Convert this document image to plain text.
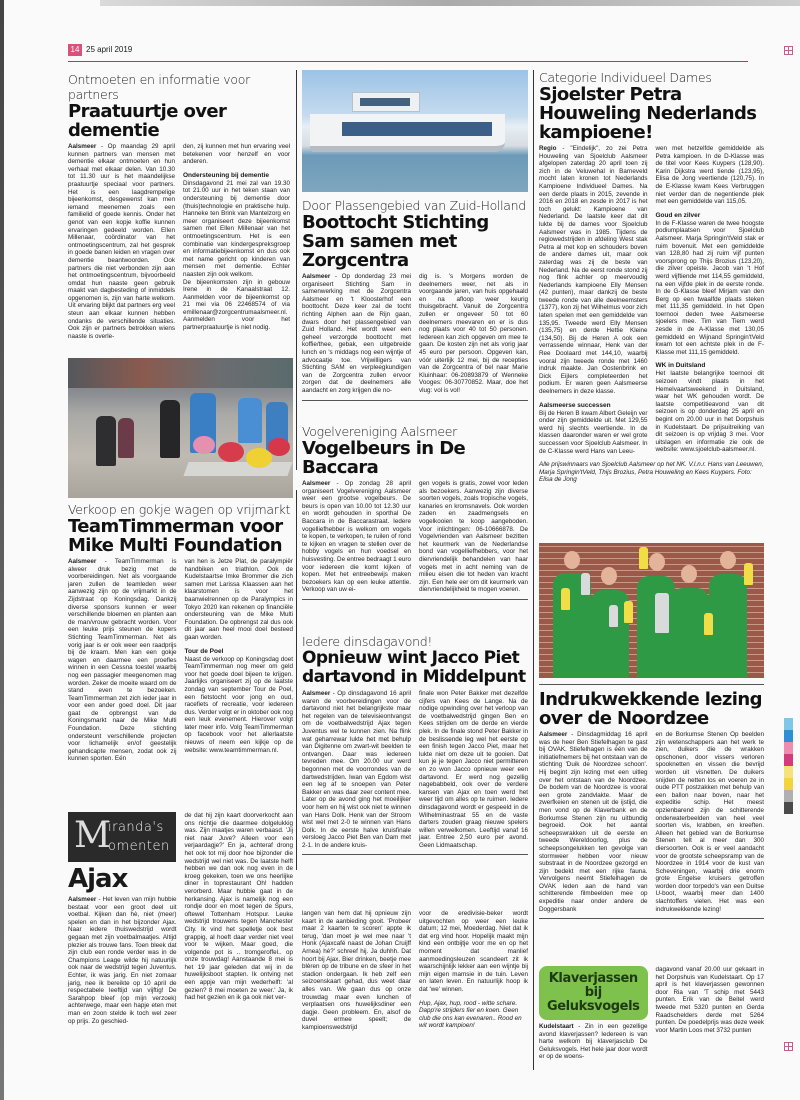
14 25 april 2019
Ontmoeten en informatie voor partners
Praatuurtje over dementie
Aalsmeer - Op maandag 29 april kunnen partners van mensen met dementie elkaar ontmoeten en hun verhaal met elkaar delen. Van 10.30 tot 11.30 uur is het maandelijkse praatuurtje speciaal voor partners. Het is een laagdrempelige bijeenkomst, desgewenst kan men iemand meenemen zoals een familielid of goede kennis. Onder het genot van een kopje koffie kunnen ervaringen gedeeld worden. Ellen Millenaar, coördinator van het ontmoetingscentrum, zal het gesprek in goede banen leiden en vragen over dementie beantwoorden. Ook partners die niet verbonden zijn aan het ontmoetingscentrum, bijvoorbeeld omdat hun naaste geen gebruik maakt van dagbesteding of inmiddels opgenomen is, zijn van harte welkom. Uit ervaring blijkt dat partners erg veel steun aan elkaar kunnen hebben ondanks de verschillende situaties. Ook zijn er partners betrokken wiens naaste is overle-
den, zij kunnen met hun ervaring veel betekenen voor henzelf en voor anderen.
Ondersteuning bij dementie
Dinsdagavond 21 mei zal van 19.30 tot 21.00 uur in het teken staan van ondersteuning bij dementie door (thuis)technologie en praktische hulp. Hanneke ten Brink van Mantelzorg en meer organiseert deze bijeenkomst samen met Ellen Millenaar van het ontmoetingscentrum. Het is een combinatie van kindergespreksgroep en informatiebijeenkomst en dus ook met name gericht op kinderen van mensen met dementie. Echter naasten zijn ook welkom.
De bijeenkomsten zijn in gebouw Irene in de Kanaalstraat 12. Aanmelden voor de bijeenkomst op 21 mei via 06 22468574 of via emillenaar@zorgcentrumaalsmeer.nl. Aanmelden voor het partnerpraatuurtje is niet nodig.
Verkoop en gokje wagen op vrijmarkt
TeamTimmerman voor Mike Multi Foundation
Aalsmeer - TeamTimmerman is alweer druk bezig met de voorbereidingen. Net als voorgaande jaren zullen de teamleden weer aanwezig zijn op de vrijmarkt in de Zijdstraat op Koningsdag. Dankzij diverse sponsors kunnen er weer verschillende bloemen en planten aan de man/vrouw gebracht worden. Voor een leuke prijs steunen de kopers Stichting TeamTimmerman. Net als vorig jaar is er ook weer een raadprijs bij de kraam. Men kan een gokje wagen en daarmee een proefles winnen in een Cessna toestel waarbij nog een passagier meegenomen mag worden. Zeker de moeite waard om de stand even te bezoeken. TeamTimmerman zet zich ieder jaar in voor een ander goed doel. Dit jaar gaat de opbrengst van de Koningsmarkt naar de Mike Multi Foundation. Deze stichting ondersteunt verschillende projecten voor lichamelijk en/of geestelijk gehandicapte mensen, zodat ook zij kunnen sporten. Eén
van hen is Jetze Plat, de paralympiër handbiken en triathlon. Ook de Kudelstaartse Imke Brommer die zich samen met Larissa Klaassen aan het klaarstomen is voor het baanwielrennen op de Paralympics in Tokyo 2020 kan rekenen op financiële ondersteuning van de Mike Multi Foundation. De opbrengst zal dus ook dit jaar aan heel mooi doel besteed gaan worden.
Tour de Poel
Naast de verkoop op Koningsdag doet TeamTimmerman nog meer om geld voor het goede doel bijeen te krijgen. Jaarlijks organiseert zij op de laatste zondag van september Tour de Poel, een fietstocht voor jong en oud, racefiets of recreatie, voor iedereen dus. Verder volgt er in oktober ook nog een leuk evenement. Hierover volgt later meer info. Volg TeamTimmerman op facebook voor het allerlaatste nieuws of neem een kijkje op de website: www.teamtimmerman.nl.
M
iranda's
omenten
Ajax
Aalsmeer - Het leven van mijn hubbie bestaat voor een groot deel uit voetbal. Kijken dan hè, niet (meer) spelen en dan in het bijzonder Ajax. Naar iedere thuiswedstrijd wordt gegaan met zijn voetbalmaatjes. Altijd plezier als trouwe fans. Toen bleek dat zijn club een ronde verder was in de Champions Leage wilde hij natuurlijk ook naar de wedstrijd tegen Juventus. Echter, ik was jarig. En niet zomaar jarig, nee ik bereikte op 10 april de respectabele leeftijd van vijftig! De Sarahpop bleef (op mijn verzoek) achterwege, maar een hapje eten met man en zoon stelde ik toch wel zeer op prijs. Zo geschied-
de dat hij zijn kaart doorverkocht aan ons nichtje die daarmee dolgelukkig was. Zijn maatjes waren verbaasd. 'Jij niet naar Juve? Alleen voor een verjaardagje?' En ja, achteraf drong het ook tot mij door hoe bijzonder die wedstrijd wel niet was. De laatste helft hebben we dan ook nog even in de kroeg gekeken, toen we ons heerlijke diner in toprestaurant Oh! hadden verorberd. Maar hubbie gaat in de herkansing. Ajax is namelijk nog een rondje door en moet tegen de Spurs, oftewel Tottenham Hotspur. Leuke wedstrijd trouwens tegen Manchester City. Ik vind het spelletje ook best grappig, al hoeft daar verder niet veel voor te wijken. Maar goed, die volgende pot is .. tromgeroffel.. op onze trouwdag! Aanstaande 8 mei is het 19 jaar geleden dat wij in de huwelijksboot stapten. Ik ontving net een appje van mijn wederhelft: 'al gezien? 8 mei moeten ze weer.' Ja, ik had het gezien en ik ga ook niet ver-
Door Plassengebied van Zuid-Holland
Boottocht Stichting Sam samen met Zorgcentra
Aalsmeer - Op donderdag 23 mei organiseert Stichting Sam in samenwerking met de Zorgcentra Aalsmeer en 't Kloosterhof een boottocht. Deze keer zal de tocht richting Alphen aan de Rijn gaan, dwars door het plassengebied van Zuid Holland. Het wordt weer een geheel verzorgde boottocht met koffie/thee, gebak, een uitgebreide lunch en 's middags nog een wijntje of advocaatje toe. Vrijwilligers van Stichting SAM en verpleegkundigen van de Zorgcentra zullen ervoor zorgen dat de deelnemers alle aandacht en zorg krijgen die no-
dig is. 's Morgens worden de deelnemers weer, net als in voorgaande jaren, van huis opgehaald en na afloop weer keurig thuisgebracht. Vanuit de Zorgcentra zullen er ongeveer 50 tot 60 deelnemers meevaren en er is dus nog plaats voor 40 tot 50 personen. Iedereen kan zich opgeven om mee te gaan. De kosten zijn net als vorig jaar 45 euro per persoon. Opgeven kan, vóór uiterlijk 12 mei, bij de recepties van de Zorgcentra of bel naar Marie Kluinhaar: 06-20893879 of Wenneke Vooges: 06-30770852. Maar, doe het vlug: vol is vol!
Vogelvereniging Aalsmeer
Vogelbeurs in De Baccara
Aalsmeer - Op zondag 28 april organiseert Vogelvereniging Aalsmeer weer een grootse vogelbeurs. De beurs is open van 10.00 tot 12.30 uur en wordt gehouden in sporthal De Baccara in de Baccarastraat. Iedere vogelliefhebber is welkom om vogels te kopen, te verkopen, te ruilen of rond te kijken en vragen te stellen over de hobby vogels en hun voedsel en huisvesting. De entree bedraagt 1 euro voor iedereen die komt kijken of kopen. Met het entreebewijs maken bezoekers kan op een leuke attentie. Verkoop van uw ei-
gen vogels is gratis, zowel voor leden als bezoekers. Aanwezig zijn diverse soorten vogels, zoals tropische vogels, kanaries en kromsnavels. Ook worden zaden en zaadmengsels en vogelkooien te koop aangeboden. Voor inlichtingen: 06-10666878. De Vogelvrienden van Aalsmeer bezitten het keurmerk van de Nederlandse bond van vogelliefhebbers, voor het diervriendelijk behandelen van haar vogels met in acht neming van de milieu eisen die tot heden van kracht zijn. Een hele eer om dit keurmerk van diervriendelijkheid te mogen voeren.
Iedere dinsdagavond!
Opnieuw wint Jacco Piet dartavond in Middelpunt
Aalsmeer - Op dinsdagavond 16 april waren de voorbereidingen voor de dartavond niet het belangrijkste maar het regelen van de televisieontvangst om de voetbalwedstrijd Ajax tegen Juventus wel te kunnen zien. Na flink wat geharrewar lukte het met behulp van Digitenne om zwart-wit beelden te ontvangen. Daar was iedereen tevreden mee. Om 20.00 uur werd begonnen met de voorrondes van de dartwedstrijden. Iwan van Egdom wist een leg af te snoepen van Peter Bakker en was daar zeer content mee. Later op de avond ging het moeilijker voor hem en hij wist ook niet te winnen van Hans Dolk. Henk van der Stroom wist wel met 2-0 te winnen van Hans Dolk. In de eerste halve kruisfinale versloeg Jacco Piet Ben van Dam met 2-1. In de andere kruis-
finale won Peter Bakker met dezelfde cijfers van Kees de Lange. Na de nodige opwinding over het verloop van de voetbalwedstrijd gingen Ben en Kees strijden om de derde en vierde plek. In de finale stond Peter Bakker in de beslissende leg wel het eerste op een finish tegen Jacco Piet, maar het lukte niet om deze uit te gooien. Dat kun je je tegen Jacco niet permitteren en zo won Jacco opnieuw weer een dartavond. Er werd nog gezellig nagebabbeld, ook over de verdere kansen van Ajax en toen werd het weer tijd om alles op te ruimen. Iedere dinsdagavond wordt er gespeeld in de Wilhelminastraat 55 en de vaste darters zouden graag nieuwe spelers willen verwelkomen. Leeftijd vanaf 16 jaar. Entree 2,50 euro per avond. Geen Lidmaatschap.
langen van hem dat hij opnieuw zijn kaart in de aanbieding gooit. 'Probeer maar 2 kaarten te scoren' appte ik terug, 'dan moet je wel mee naar 't Honk (Ajaxcafé naast de Johan Cruijff Arnea) hè?' schreef hij. Ja duhhh. Dat hoort bij Ajax. Bier drinken, beetje mee blèren op de tribune en de sfeer in het stadion ondergaan. Ik heb zelf een seizoenskaart gehad, dus weet daar alles van. We gaan dus op onze trouwdag maar even lunchen of verplaatsen ons huwelijksdiner een dagje. Geen probleem. En, alsof de duvel ermee speelt; de kampioenswedstrijd
voor de eredivisie-beker wordt uitgevochten op weer een leuke datum; 12 mei, Moederdag. Niet dat ik dat erg vind hoor. Hopelijk maakt mijn kind een ontbijtje voor me en op het moment dat manlief aanmoedingsleuzen scandeert zit ik waarschijnlijk lekker aan een wijntje bij mijn eigen mamsie in de tuin. Leven en laten leven. En natuurlijk hoop ik dat 'we' winnen.
Hup, Ajax, hup, rood - witte schare. Dapp're strijders fier en koen. Geen club die ons kan evenaren.. Rood en wit wordt kampioen!
Categorie Individueel Dames
Sjoelster Petra Houweling Nederlands kampioene!
Regio - "Eindelijk", zo zei Petra Houweling van Sjoelclub Aalsmeer afgelopen zaterdag 20 april toen zij zich in de Veluwehal in Barneveld mocht laten kronen tot Nederlands Kampioene Individueel Dames. Na een derde plaats in 2015, zevende in 2016 en 2018 en zesde in 2017 is het toch gelukt: Kampioene van Nederland. De laatste keer dat dit lukte bij de dames voor Sjoelclub Aalsmeer was in 1985. Tijdens de regiowedstrijden in afdeling West stak Petra al met kop en schouders boven de andere dames uit, maar ook zaterdag was zij de beste van Nederland. Na de eerst ronde stond zij nog flink achter op meervoudig Nederlands kampioene Elly Mensen (42 punten), maar dankzij de beste tweede ronde van alle deelneemsters (1377), kon zij het Wilhelmus voor zich laten spelen met een gemiddelde van 135,95. Tweede werd Elly Mensen (135,75) en derde Hettie Kleine (134,50). Bij de Heren A ook een verrassende winnaar, Henk van der Ree Doolaard met 144,10, waarbij vooral zijn tweede ronde met 1460 indruk maakte. Jan Oostenbrink en Dick Eijlers completeerden het podium. Er waren geen Aalsmeerse deelnemers in deze klasse.
Aalsmeerse successen
Bij de Heren B kwam Albert Geleijn ver onder zijn gemiddelde uit. Met 129,55 werd hij slechts veertiende. In de klassen daaronder waren er wel grote successen voor Sjoelclub Aalsmeer. In de C-Klasse werd Hans van Leeu-
wen met hetzelfde gemiddelde als Petra kampioen. In de D-Klasse was de titel voor Kees Kuypers (128,90). Karin Dijkstra werd tiende (123,95), Elisa de Jong veertiende (120,75). In de E-Klasse kwam Kees Verbruggen niet verder dan de negentiende plek met een gemiddelde van 115,05.
Goud en zilver
In de F-Klasse waren de twee hoogste podiumplaatsen voor Sjoelclub Aalsmeer. Marja Springin'tVeld stak er ruim bovenuit. Met een gemiddelde van 128,80 had zij ruim vijf punten voorsprong op Thijs Brozius (123,20), die zilver opeiste. Jacob van 't Hof werd vijftiende met 114,55 gemiddeld, na een vijfde plek in de eerste ronde. In de G-Klasse bleef Mirjam van den Berg op een twaalfde plaats steken met 111,35 gemiddeld. In het Open toernooi deden twee Aalsmeerse sjoelers mee. Tim van Tiem werd zesde in de A-Klasse met 130,05 gemiddeld en Wijnand Springin'tVeld kwam tot een achtste plek in de F-Klasse met 111,15 gemiddeld.
WK in Duitsland
Het laatste belangrijke toernooi dit seizoen vindt plaats in het Hemelvaartsweekend in Duitsland, waar het WK gehouden wordt. De laatste competitieavond van dit seizoen is op donderdag 25 april en begint om 20.00 uur in het Dorpshuis in Kudelstaart. De prijsuitreiking van dit seizoen is op vrijdag 3 mei. Voor uitslagen en informatie zie ook de website: www.sjoelclub-aalsmeer.nl.
Alle prijswinnaars van Sjoelclub Aalsmeer op het NK. V.l.n.r. Hans van Leeuwen, Marja Springin'tVeld, Thijs Brozius, Petra Houweling en Kees Kuypers. Foto: Elisa de Jong
Indrukwekkende lezing over de Noordzee
Aalsmeer - Dinsdagmiddag 16 april was de heer Ben Stiefelhagen te gast bij OVAK. Stiefelhagen is één van de initiatiefnemers bij het ontstaan van de stichting 'Duik de Noordzee schoon'. Hij begint zijn lezing met een uitleg over het ontstaan van de Noordzee. De bodem van de Noordzee is vooral een grote zandvlakte. Maar de zwerfkeien en stenen uit de ijstijd, die men vond op de Klaverbank en de Borkumse Stenen zijn nu uitbundig begroeid. Ook het aantal scheepswrakken uit de eerste en tweede Wereldoorlog, plus de scheepsongelukken ten gevolge van stormweer hebben voor nieuw substraat in de Noordzee gezorgd en zijn bedekt met een rijke fauna. Vervolgens neemt Stiefelhagen de OVAK leden aan de hand van schitterende filmbeelden mee op expeditie naar onder andere de Doggersbank
en de Borkumse Stenen Op beelden zijn wetenschappers aan het werk te zien, duikers die de wrakken opschonen, door vissers verloren spooknetten en vissen die bevrijd worden uit visnetten. De duikers snijden de netten los en voeren ze in oude PTT postzakken met behulp van een ballon naar boven, naar het expeditie schip. Het meest opzienbarend zijn de schitterende onderwaterbeelden van heel veel soorten vis, krabben, en kreeften. Alleen het gebied van de Borkumse Stenen telt al meer dan 300 diersoorten. Ook is er veel aandacht voor de grootste scheepsramp van de Noordzee in 1914 voor de kust van Scheveningen, waarbij drie enorm grote Engelse kruisers getroffen worden door torpedo's van een Duitse U-boot, waarbij meer dan 1400 slachtoffers vielen. Het was een indrukwekkende lezing!
Klaverjassen bij Geluksvogels
Kudelstaart - Zin in een gezellige avond klaverjassen? Iedereen is van harte welkom bij klaverjasclub De Geluksvogels. Het hele jaar door wordt er op de woens-
dagavond vanaf 20.00 uur gekaart in het Dorpshuis van Kudelstaart. Op 17 april is het klaverjassen gewonnen door Ria van 'T schip met 5443 punten. Erik van de Beitel werd tweede met 5320 punten en Gerda Raadschelders derde met 5264 punten. De poedelprijs was deze week voor Martin Loos met 3732 punten
